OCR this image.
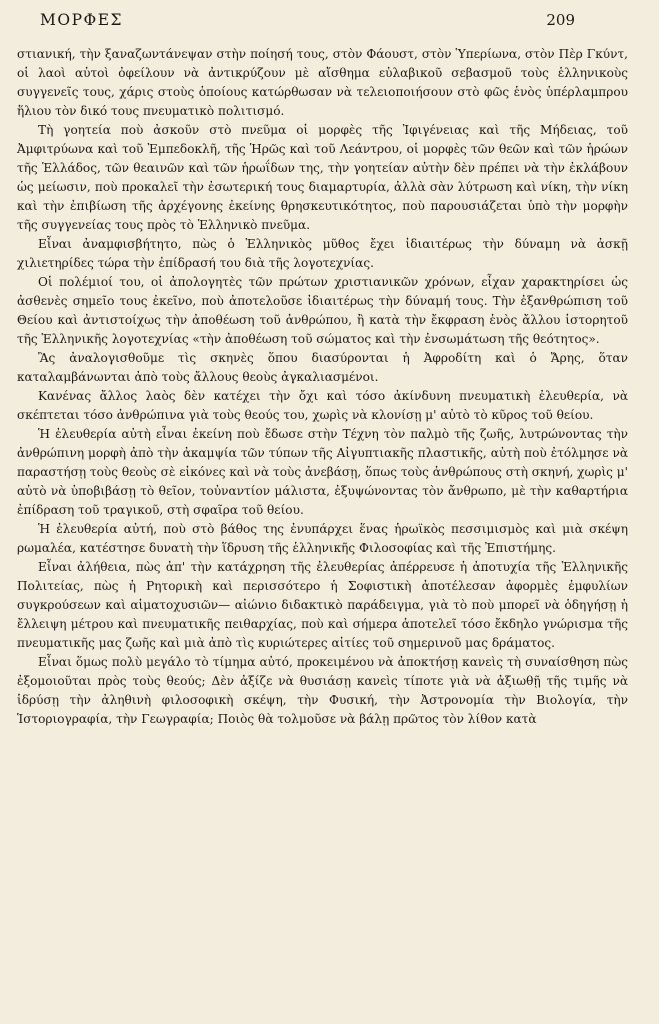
ΜΟΡΦΕΣ	209

στιανική, τὴν ξαναζωντάνεψαν στὴν ποίησή τους, στὸν Φάουστ, στὸν Ὑπερίωνα, στὸν Πὲρ Γκύντ, οἱ λαοὶ αὐτοὶ ὀφείλουν νὰ ἀντικρύζουν μὲ αἴσθημα εὐλαβικοῦ σεβασμοῦ τοὺς ἑλληνικοὺς συγγενεῖς τους, χάρις στοὺς ὁποίους κατώρθωσαν νὰ τελειοποιήσουν στὸ φῶς ἑνὸς ὑπέρλαμπρου ἥλιου τὸν δικό τους πνευματικὸ πολιτισμό.

Τὴ γοητεία ποὺ ἀσκοῦν στὸ πνεῦμα οἱ μορφὲς τῆς Ἰφιγένειας καὶ τῆς Μήδειας, τοῦ Ἀμφιτρύωνα καὶ τοῦ Ἐμπεδοκλῆ, τῆς Ἡρῶς καὶ τοῦ Λεάντρου, οἱ μορφὲς τῶν θεῶν καὶ τῶν ἡρώων τῆς Ἑλλάδος, τῶν θεαινῶν καὶ τῶν ἡρωΐδων της, τὴν γοητείαν αὐτὴν δὲν πρέπει νὰ τὴν ἐκλάβουν ὡς μείωσιν, ποὺ προκαλεῖ τὴν ἐσωτερική τους διαμαρτυρία, ἀλλὰ σὰν λύτρωση καὶ νίκη, τὴν νίκη καὶ τὴν ἐπιβίωση τῆς ἀρχέγονης ἐκείνης θρησκευτικότητος, ποὺ παρουσιάζεται ὑπὸ τὴν μορφὴν τῆς συγγενείας τους πρὸς τὸ Ἑλληνικὸ πνεῦμα.

Εἶναι ἀναμφισβήτητο, πὼς ὁ Ἑλληνικὸς μῦθος ἔχει ἰδιαιτέρως τὴν δύναμη νὰ ἀσκῇ χιλιετηρίδες τώρα τὴν ἐπίδρασή του διὰ τῆς λογοτεχνίας.

Οἱ πολέμιοί του, οἱ ἀπολογητὲς τῶν πρώτων χριστιανικῶν χρόνων, εἶχαν χαρακτηρίσει ὡς ἀσθενὲς σημεῖο τους ἐκεῖνο, ποὺ ἀποτελοῦσε ἰδιαιτέρως τὴν δύναμή τους. Τὴν ἐξανθρώπιση τοῦ Θείου καὶ ἀντιστοίχως τὴν ἀποθέωση τοῦ ἀνθρώπου, ἢ κατὰ τὴν ἔκφραση ἑνὸς ἄλλου ἱστορητοῦ τῆς Ἑλληνικῆς λογοτεχνίας «τὴν ἀποθέωση τοῦ σώματος καὶ τὴν ἐνσωμάτωση τῆς θεότητος».

Ἂς ἀναλογισθοῦμε τὶς σκηνὲς ὅπου διασύρονται ἡ Ἀφροδίτη καὶ ὁ Ἄρης, ὅταν καταλαμβάνωνται ἀπὸ τοὺς ἄλλους θεοὺς ἀγκαλιασμένοι.

Κανένας ἄλλος λαὸς δὲν κατέχει τὴν ὄχι καὶ τόσο ἀκίνδυνη πνευματικὴ ἐλευθερία, νὰ σκέπτεται τόσο ἀνθρώπινα γιὰ τοὺς θεούς του, χωρὶς νὰ κλονίσῃ μ' αὐτὸ τὸ κῦρος τοῦ θείου.

Ἡ ἐλευθερία αὐτὴ εἶναι ἐκείνη ποὺ ἔδωσε στὴν Τέχνη τὸν παλμὸ τῆς ζωῆς, λυτρώνοντας τὴν ἀνθρώπινη μορφὴ ἀπὸ τὴν ἀκαμψία τῶν τύπων τῆς Αἰγυπτιακῆς πλαστικῆς, αὐτὴ ποὺ ἐτόλμησε νὰ παραστήσῃ τοὺς θεοὺς σὲ εἰκόνες καὶ νὰ τοὺς ἀνεβάσῃ, ὅπως τοὺς ἀνθρώπους στὴ σκηνή, χωρὶς μ' αὐτὸ νὰ ὑποβιβάσῃ τὸ θεῖον, τοὐναντίον μάλιστα, ἐξυψώνοντας τὸν ἄνθρωπο, μὲ τὴν καθαρτήρια ἐπίδραση τοῦ τραγικοῦ, στὴ σφαῖρα τοῦ θείου.

Ἡ ἐλευθερία αὐτή, ποὺ στὸ βάθος της ἐνυπάρχει ἕνας ἡρωϊκὸς πεσσιμισμὸς καὶ μιὰ σκέψη ρωμαλέα, κατέστησε δυνατὴ τὴν ἵδρυση τῆς ἑλληνικῆς Φιλοσοφίας καὶ τῆς Ἐπιστήμης.

Εἶναι ἀλήθεια, πὼς ἀπ' τὴν κατάχρηση τῆς ἐλευθερίας ἀπέρρευσε ἡ ἀποτυχία τῆς Ἑλληνικῆς Πολιτείας, πὼς ἡ Ρητορικὴ καὶ περισσότερο ἡ Σοφιστικὴ ἀποτέλεσαν ἀφορμὲς ἐμφυλίων συγκρούσεων καὶ αἱματοχυσιῶν— αἰώνιο διδακτικὸ παράδειγμα, γιὰ τὸ ποὺ μπορεῖ νὰ ὁδηγήσῃ ἡ ἔλλειψη μέτρου καὶ πνευματικῆς πειθαρχίας, ποὺ καὶ σήμερα ἀποτελεῖ τόσο ἔκδηλο γνώρισμα τῆς πνευματικῆς μας ζωῆς καὶ μιὰ ἀπὸ τὶς κυριώτερες αἰτίες τοῦ σημερινοῦ μας δράματος.

Εἶναι ὅμως πολὺ μεγάλο τὸ τίμημα αὐτό, προκειμένου νὰ ἀποκτήσῃ κανεὶς τὴ συναίσθηση πὼς ἐξομοιοῦται πρὸς τοὺς θεούς; Δὲν ἀξίζε νὰ θυσιάσῃ κανεὶς τίποτε γιὰ νὰ ἀξιωθῇ τῆς τιμῆς νὰ ἱδρύσῃ τὴν ἀληθινὴ φιλοσοφικὴ σκέψη, τὴν Φυσική, τὴν Ἀστρονομία τὴν Βιολογία, τὴν Ἱστοριογραφία, τὴν Γεωγραφία; Ποιὸς θὰ τολμοῦσε νὰ βάλῃ πρῶτος τὸν λίθον κατὰ
